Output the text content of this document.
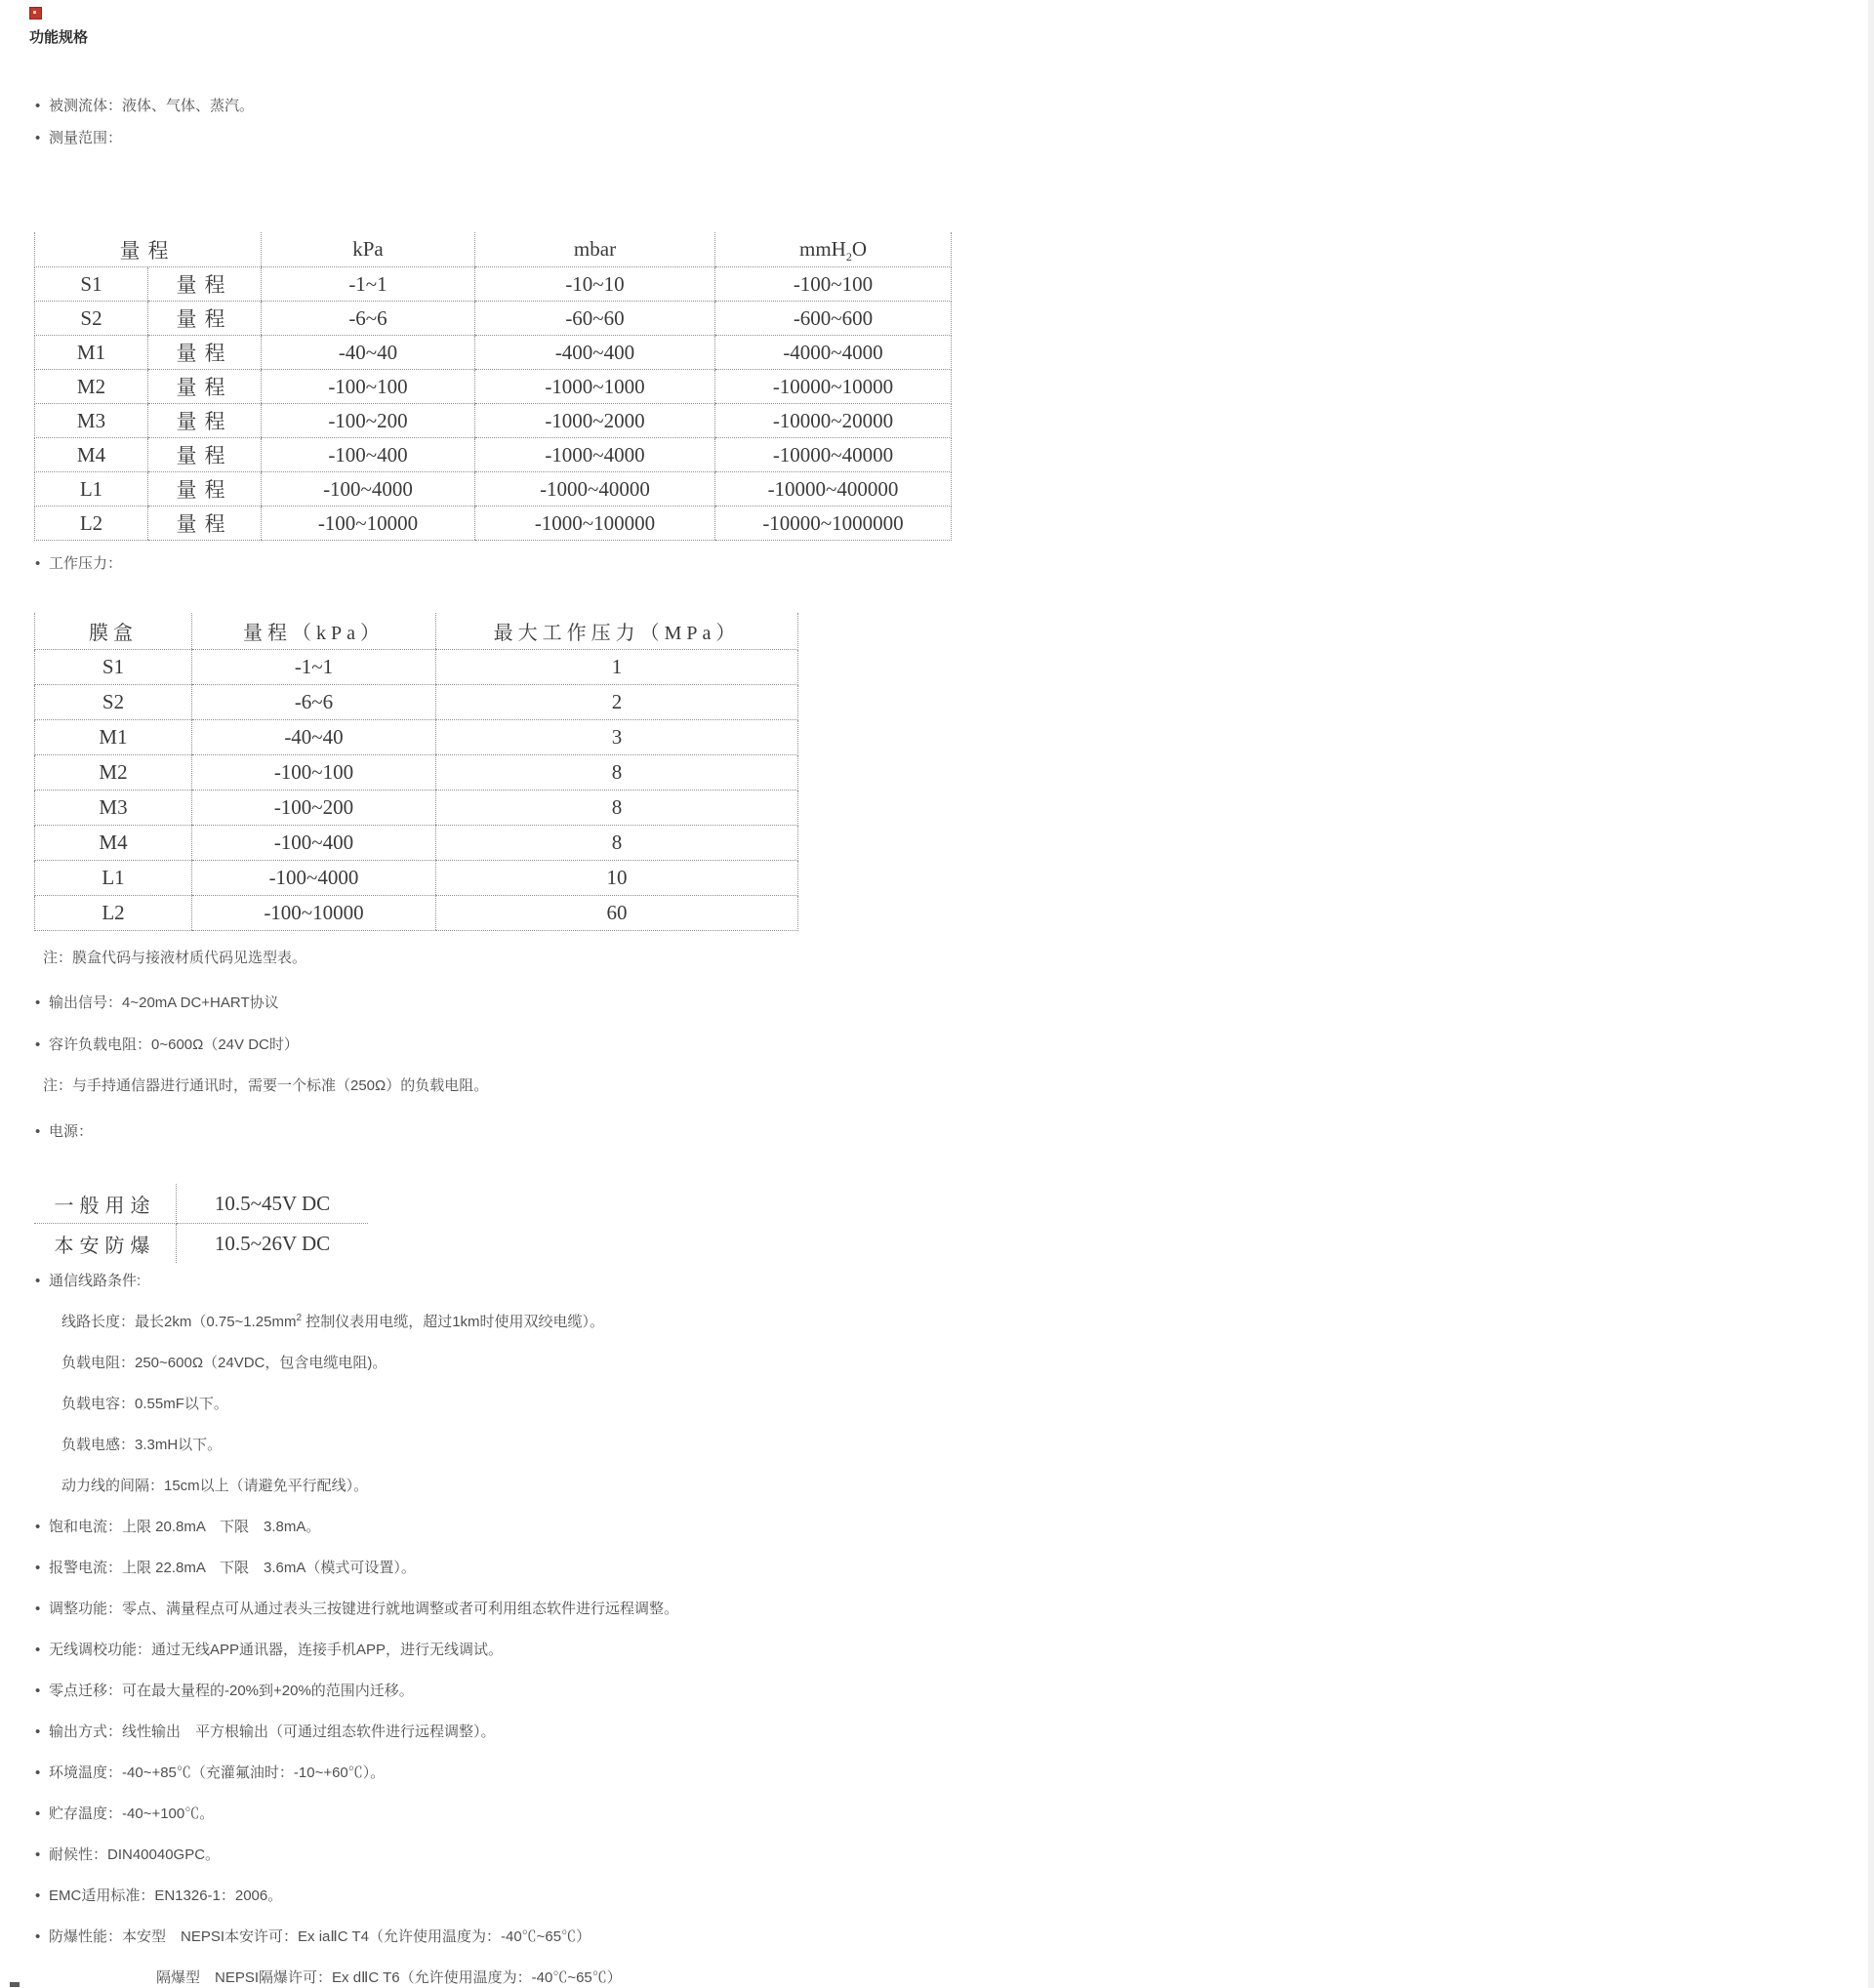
功能规格
• 被测流体：液体、气体、蒸汽。
• 测量范围：
量程		kPa	mbar	mmH$_2$O
S1	量程	-1~1	-10~10	-100~100
S2	量程	-6~6	-60~60	-600~600
M1	量程	-40~40	-400~400	-4000~4000
M2	量程	-100~100	-1000~1000	-10000~10000
M3	量程	-100~200	-1000~2000	-10000~20000
M4	量程	-100~400	-1000~4000	-10000~40000
L1	量程	-100~4000	-1000~40000	-10000~400000
L2	量程	-100~10000	-1000~100000	-10000~1000000
• 工作压力：
膜盒	量程（kPa）	最大工作压力（MPa）
S1	-1~1	1
S2	-6~6	2
M1	-40~40	3
M2	-100~100	8
M3	-100~200	8
M4	-100~400	8
L1	-100~4000	10
L2	-100~10000	60
注：膜盒代码与接液材质代码见选型表。
• 输出信号：4~20mA DC+HART协议
• 容许负载电阻：0~600Ω（24V DC时）
注：与手持通信器进行通讯时，需要一个标准（250Ω）的负载电阻。
• 电源：
一般用途	10.5~45V DC
本安防爆	10.5~26V DC
• 通信线路条件:
线路长度：最长$2km(0.75\sim 1.25mm^2$ 控制仪表用电缆，超过1km时使用双绞电缆）。
负载电阻：250~600Ω（24VDC，包含电缆电阻)。
负载电容：0.55mF以下。
负载电感：3.3mH以下。
动力线的间隔：15cm以上（请避免平行配线）。
• 饱和电流：上限 20.8mA　下限　3.8mA。
• 报警电流：上限 22.8mA　下限　3.6mA（模式可设置）。
• 调整功能：零点、满量程点可从通过表头三按键进行就地调整或者可利用组态软件进行远程调整。
• 无线调校功能：通过无线APP通讯器，连接手机APP，进行无线调试。
• 零点迁移：可在最大量程的-20%到+20%的范围内迁移。
• 输出方式：线性输出　平方根输出（可通过组态软件进行远程调整）。
• 环境温度：-40~+85℃（充灌氟油时：-10~+60℃）。
• 贮存温度：-40~+100℃。
• 耐候性：DIN40040GPC。
• EMC适用标准：EN1326-1：2006。
• 防爆性能：本安型　NEPSI本安许可：Ex iaⅡC T4（允许使用温度为：-40℃~65℃）
隔爆型　NEPSI隔爆许可：Ex dⅡC T6（允许使用温度为：-40℃~65℃）
